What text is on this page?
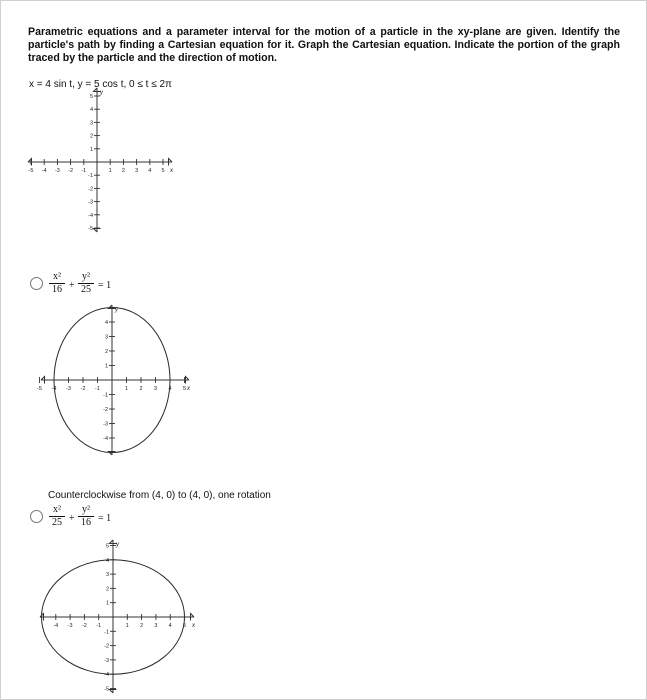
Parametric equations and a parameter interval for the motion of a particle in the xy-plane are given. Identify the particle's path by finding a Cartesian equation for it. Graph the Cartesian equation. Indicate the portion of the graph traced by the particle and the direction of motion.
x = 4 sin t, y = 5 cos t, 0 ≤ t ≤ 2π
-5 -4 -3 -2 -1	1 2 3 4 5
5
4
3
2
1
-1
-2
-3
-4
-5
x
y
$\frac{\text{x²}}{16} + \frac{\text{y²}}{25} = 1$
-5 -4 -3 -2 -1	1 2 3 4 5
4
3
2
1
-1
-2
-3
-4
x
y
Counterclockwise from (4, 0) to (4, 0), one rotation
$\frac{\text{x²}}{25} + \frac{\text{y²}}{16} = 1$
-4 -3 -2 -1	1 2 3 4 5
5
4
3
2
1
-1
-2
-3
-4
-5
x
y
